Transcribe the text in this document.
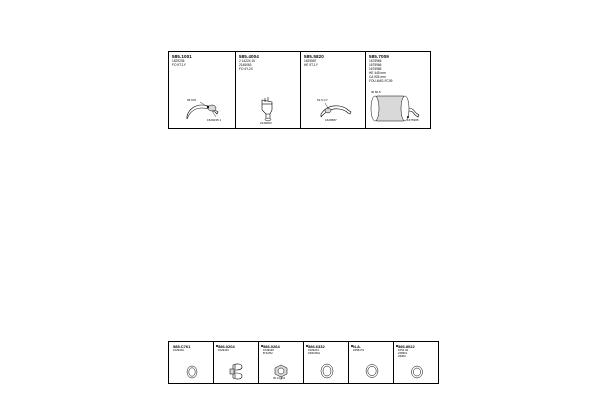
585.1001
1529235
FO 9T-1Y
65 970
1529235 1
585.4004
2 14224 10
2146063
FO 4Y-2X
2146063
585.5820
1629587
HE 9T-1Y
51.5 CY
1629587
585.7009
1675965
1675966
1675985
HE 445 mm
CA 925 mm
FOU 4MG-FC09
1675965
ID 50.5
585.C761
1529202
586.0204
1629416
586.0264
1649020
B 52/52
ID 11.1M
586.6332
1529201
ZDF/ZDH
N.A.
2458179
586.8022
1654 04
2483F1
ZD4M
